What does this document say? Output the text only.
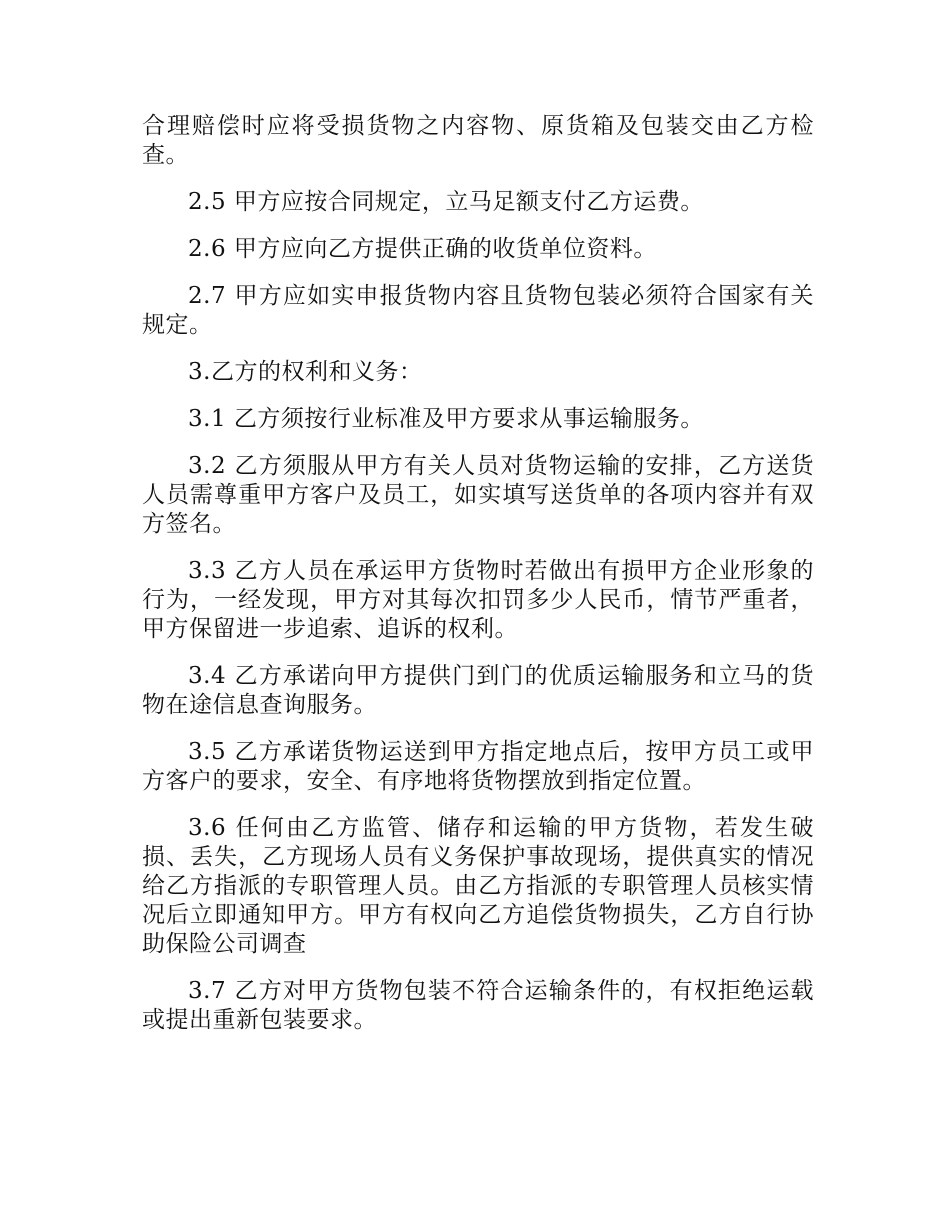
合理赔偿时应将受损货物之内容物、原货箱及包装交由乙方检查。

2.5 甲方应按合同规定，立马足额支付乙方运费。

2.6 甲方应向乙方提供正确的收货单位资料。

2.7 甲方应如实申报货物内容且货物包装必须符合国家有关规定。

3.乙方的权利和义务：

3.1 乙方须按行业标准及甲方要求从事运输服务。

3.2 乙方须服从甲方有关人员对货物运输的安排，乙方送货人员需尊重甲方客户及员工，如实填写送货单的各项内容并有双方签名。

3.3 乙方人员在承运甲方货物时若做出有损甲方企业形象的行为，一经发现，甲方对其每次扣罚多少人民币，情节严重者，甲方保留进一步追索、追诉的权利。

3.4 乙方承诺向甲方提供门到门的优质运输服务和立马的货物在途信息查询服务。

3.5 乙方承诺货物运送到甲方指定地点后，按甲方员工或甲方客户的要求，安全、有序地将货物摆放到指定位置。

3.6 任何由乙方监管、储存和运输的甲方货物，若发生破损、丢失，乙方现场人员有义务保护事故现场，提供真实的情况给乙方指派的专职管理人员。由乙方指派的专职管理人员核实情况后立即通知甲方。甲方有权向乙方追偿货物损失，乙方自行协助保险公司调查

3.7 乙方对甲方货物包装不符合运输条件的，有权拒绝运载或提出重新包装要求。
